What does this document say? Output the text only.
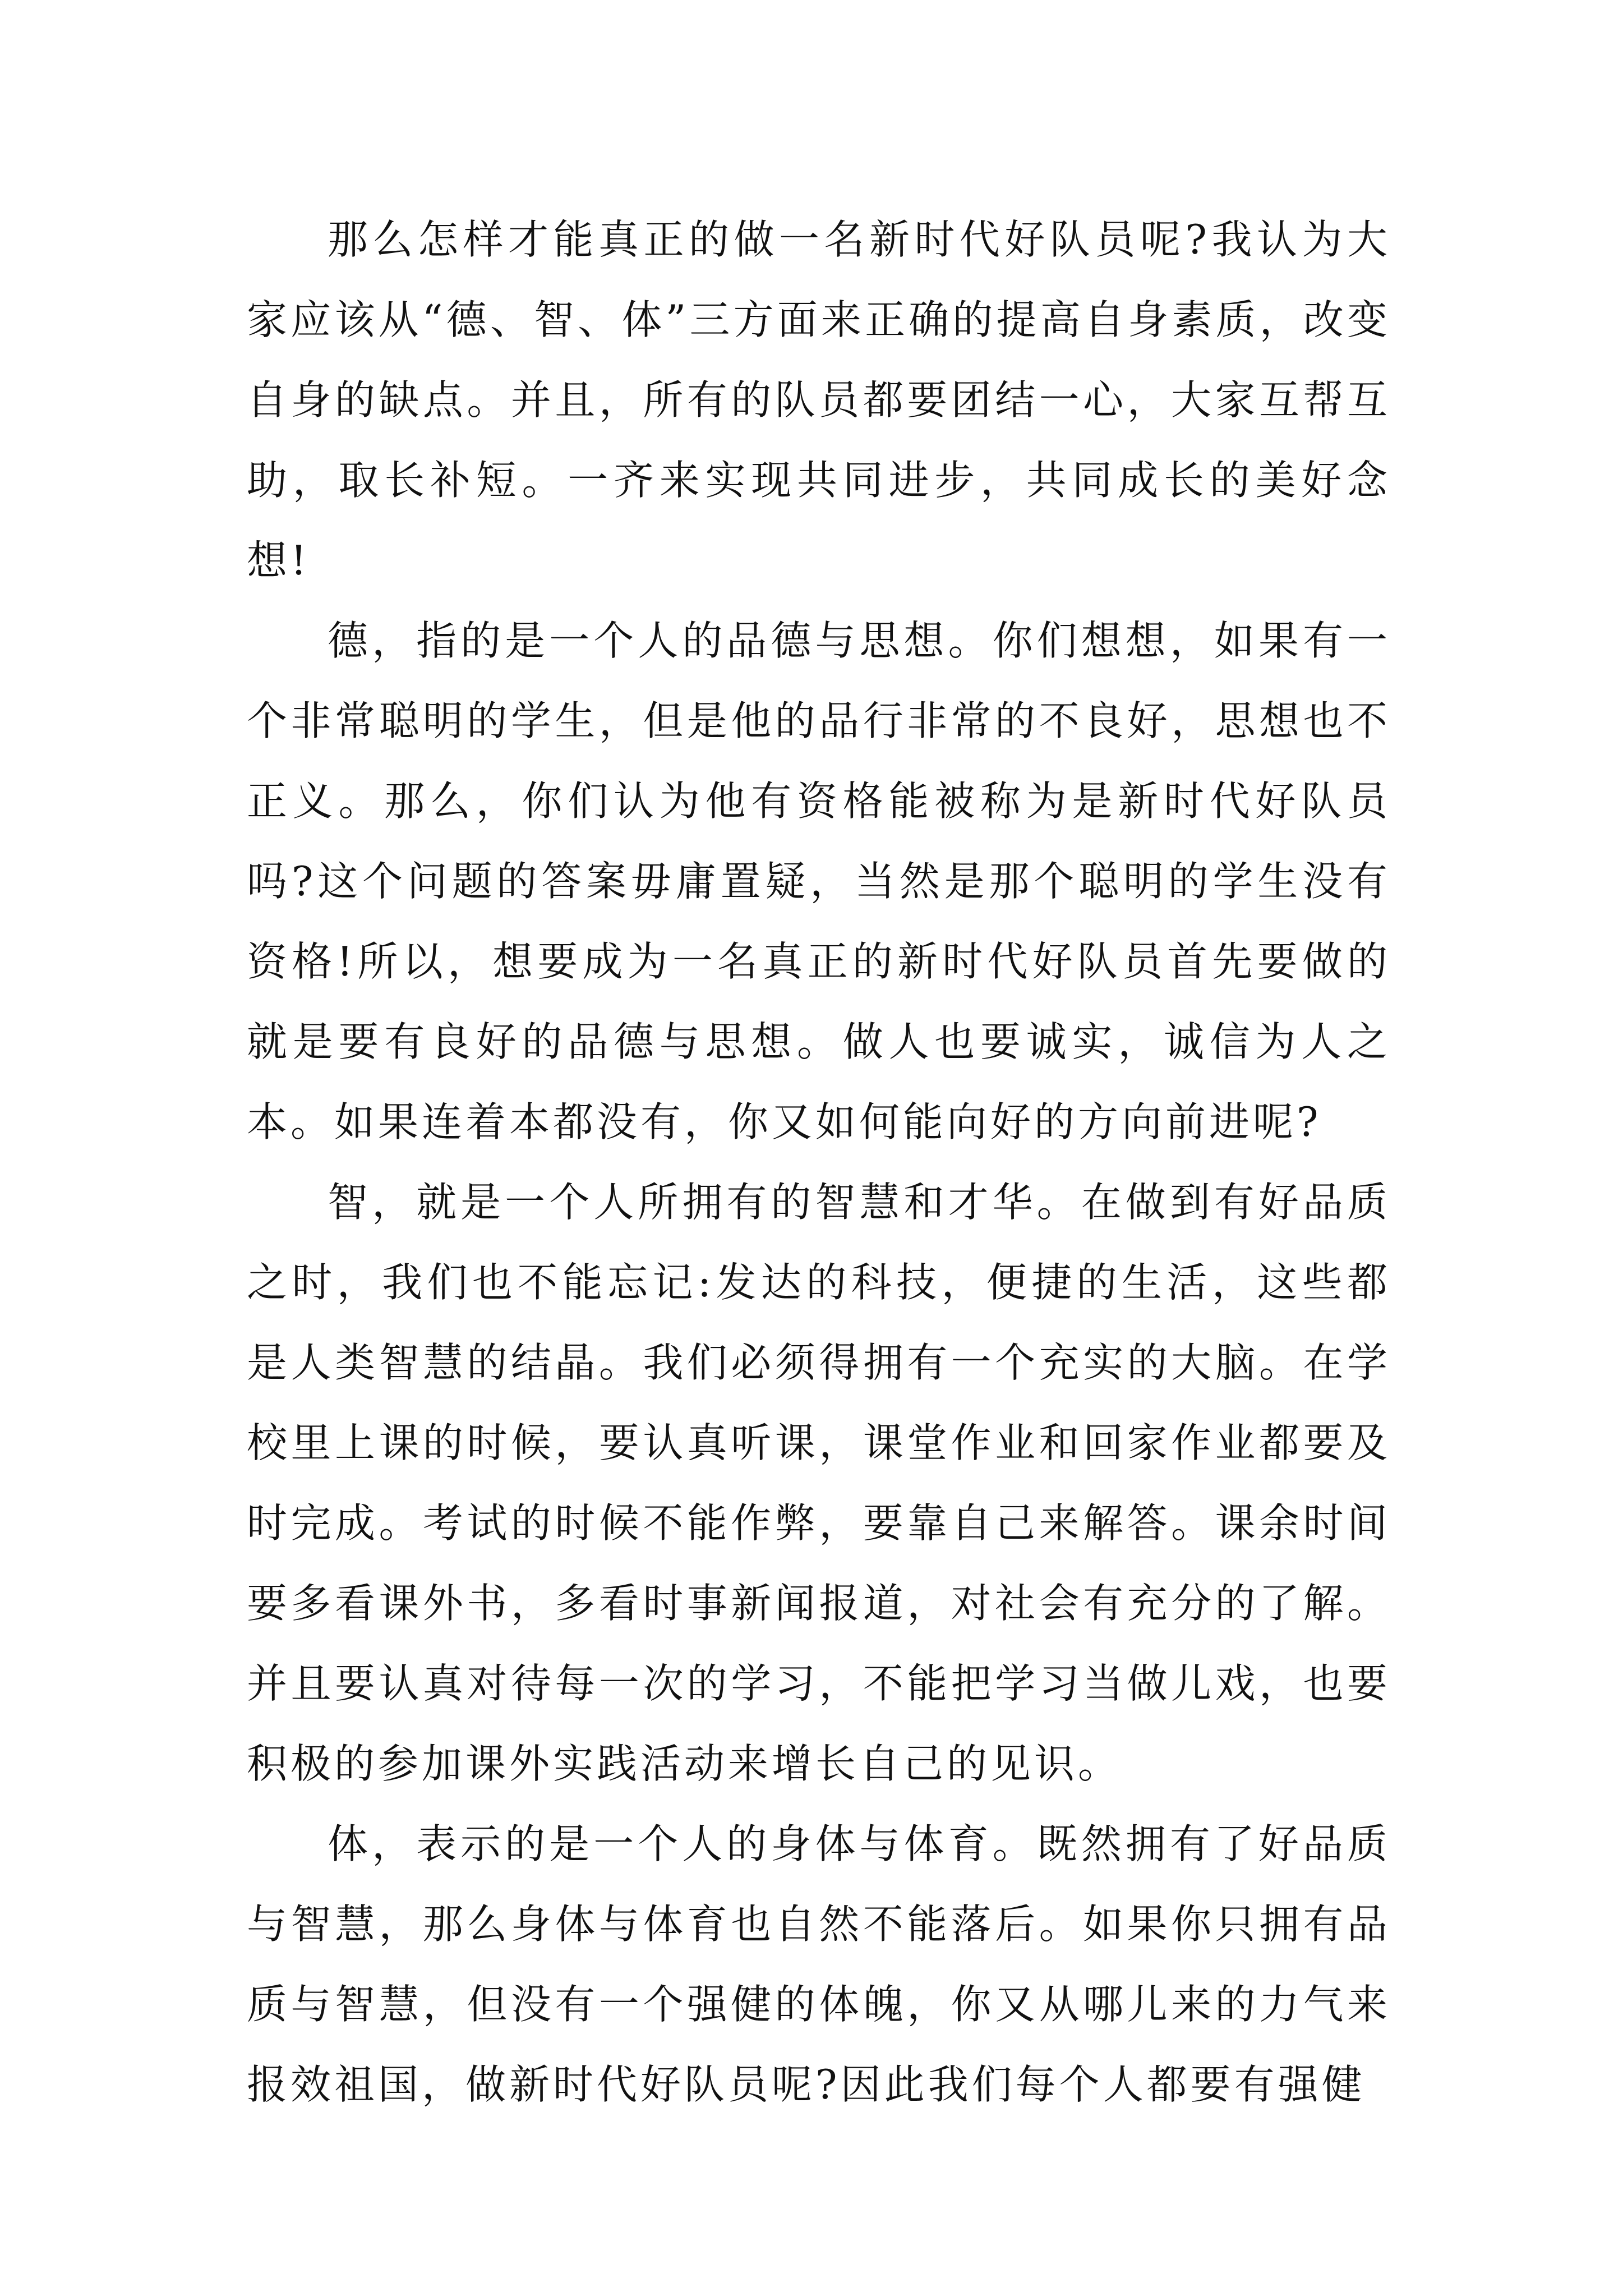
那么怎样才能真正的做一名新时代好队员呢?我认为大家应该从“德、智、体”三方面来正确的提高自身素质，改变自身的缺点。并且，所有的队员都要团结一心，大家互帮互助，取长补短。一齐来实现共同进步，共同成长的美好念想!

德，指的是一个人的品德与思想。你们想想，如果有一个非常聪明的学生，但是他的品行非常的不良好，思想也不正义。那么，你们认为他有资格能被称为是新时代好队员吗?这个问题的答案毋庸置疑，当然是那个聪明的学生没有资格!所以，想要成为一名真正的新时代好队员首先要做的就是要有良好的品德与思想。做人也要诚实，诚信为人之本。如果连着本都没有，你又如何能向好的方向前进呢?

智，就是一个人所拥有的智慧和才华。在做到有好品质之时，我们也不能忘记:发达的科技，便捷的生活，这些都是人类智慧的结晶。我们必须得拥有一个充实的大脑。在学校里上课的时候，要认真听课，课堂作业和回家作业都要及时完成。考试的时候不能作弊，要靠自己来解答。课余时间要多看课外书，多看时事新闻报道，对社会有充分的了解。并且要认真对待每一次的学习，不能把学习当做儿戏，也要积极的参加课外实践活动来增长自己的见识。

体，表示的是一个人的身体与体育。既然拥有了好品质与智慧，那么身体与体育也自然不能落后。如果你只拥有品质与智慧，但没有一个强健的体魄，你又从哪儿来的力气来报效祖国，做新时代好队员呢?因此我们每个人都要有强健
